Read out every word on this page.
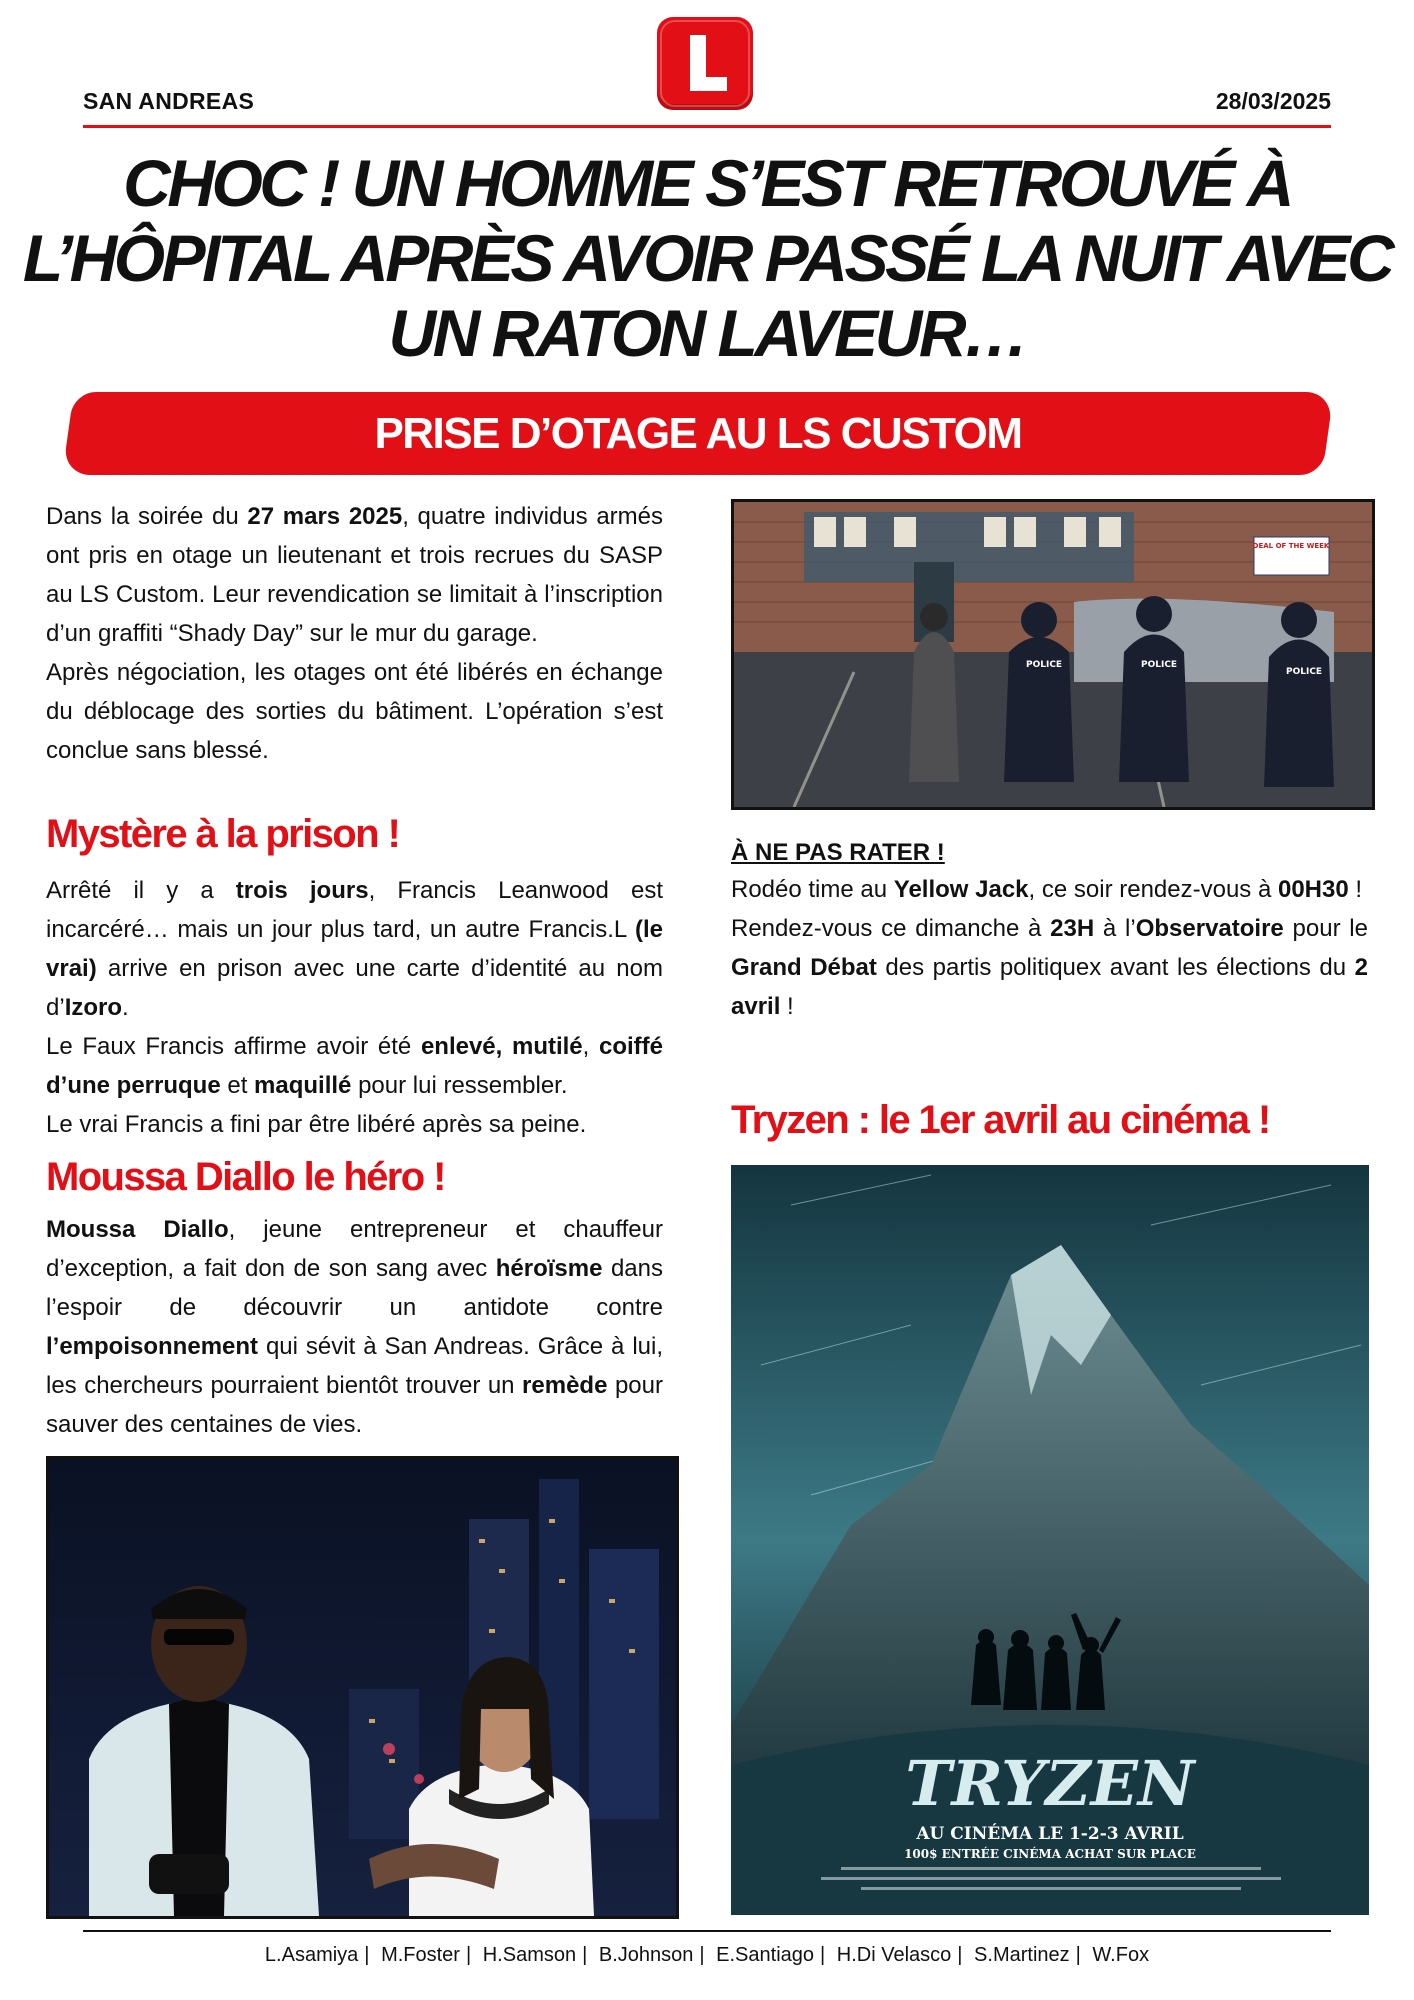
SAN ANDREAS	28/03/2025
CHOC ! UN HOMME S’EST RETROUVÉ À L’HÔPITAL APRÈS AVOIR PASSÉ LA NUIT AVEC UN RATON LAVEUR…
PRISE D’OTAGE AU LS CUSTOM

Dans la soirée du 27 mars 2025, quatre individus armés ont pris en otage un lieutenant et trois recrues du SASP au LS Custom. Leur revendication se limitait à l’inscription d’un graffiti “Shady Day” sur le mur du garage.

Après négociation, les otages ont été libérés en échange du déblocage des sorties du bâtiment. L’opération s’est conclue sans blessé.

Mystère à la prison !

Arrêté il y a trois jours, Francis Leanwood est incarcéré… mais un jour plus tard, un autre Francis.L (le vrai) arrive en prison avec une carte d’identité au nom d’Izoro.

Le Faux Francis affirme avoir été enlevé, mutilé, coiffé d’une perruque et maquillé pour lui ressembler.

Le vrai Francis a fini par être libéré après sa peine.

Moussa Diallo le héro !

Moussa Diallo, jeune entrepreneur et chauffeur d’exception, a fait don de son sang avec héroïsme dans l’espoir de découvrir un antidote contre l’empoisonnement qui sévit à San Andreas. Grâce à lui, les chercheurs pourraient bientôt trouver un remède pour sauver des centaines de vies.

DEAL OF THE WEEK
POLICE	POLICE
POLICE
À NE PAS RATER !

Rodéo time au Yellow Jack, ce soir rendez-vous à 00H30 !

Rendez-vous ce dimanche à 23H à l’Observatoire pour le Grand Débat des partis politiquex avant les élections du 2 avril !

Tryzen : le 1er avril au cinéma !
TRYZEN
AU CINÉMA LE 1-2-3 AVRIL
100$ ENTRÉE CINÉMA ACHAT SUR PLACE
L.Asamiya | M.Foster | H.Samson | B.Johnson | E.Santiago | H.Di Velasco | S.Martinez | W.Fox
